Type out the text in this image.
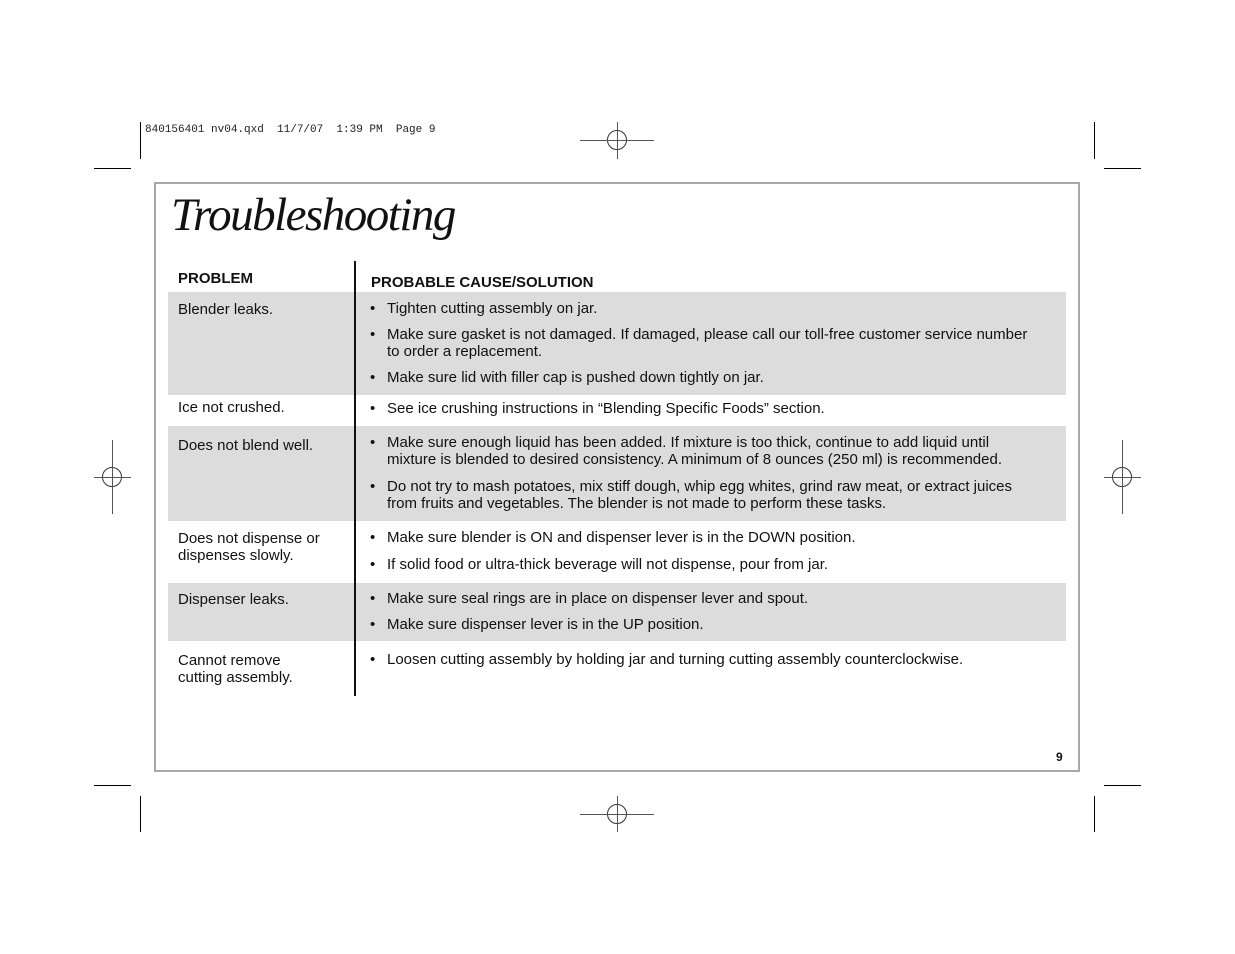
840156401 nv04.qxd  11/7/07  1:39 PM  Page 9
Troubleshooting
PROBLEM	PROBABLE CAUSE/SOLUTION
Blender leaks.	• Tighten cutting assembly on jar.
• Make sure gasket is not damaged. If damaged, please call our toll-free customer service number to order a replacement.
• Make sure lid with filler cap is pushed down tightly on jar.
Ice not crushed.	• See ice crushing instructions in “Blending Specific Foods” section.
Does not blend well.	• Make sure enough liquid has been added. If mixture is too thick, continue to add liquid until mixture is blended to desired consistency. A minimum of 8 ounces (250 ml) is recommended.
• Do not try to mash potatoes, mix stiff dough, whip egg whites, grind raw meat, or extract juices from fruits and vegetables. The blender is not made to perform these tasks.
Does not dispense or dispenses slowly.
• Make sure blender is ON and dispenser lever is in the DOWN position.
• If solid food or ultra-thick beverage will not dispense, pour from jar.
Dispenser leaks.	• Make sure seal rings are in place on dispenser lever and spout.
• Make sure dispenser lever is in the UP position.
Cannot remove cutting assembly.
• Loosen cutting assembly by holding jar and turning cutting assembly counterclockwise.
9
